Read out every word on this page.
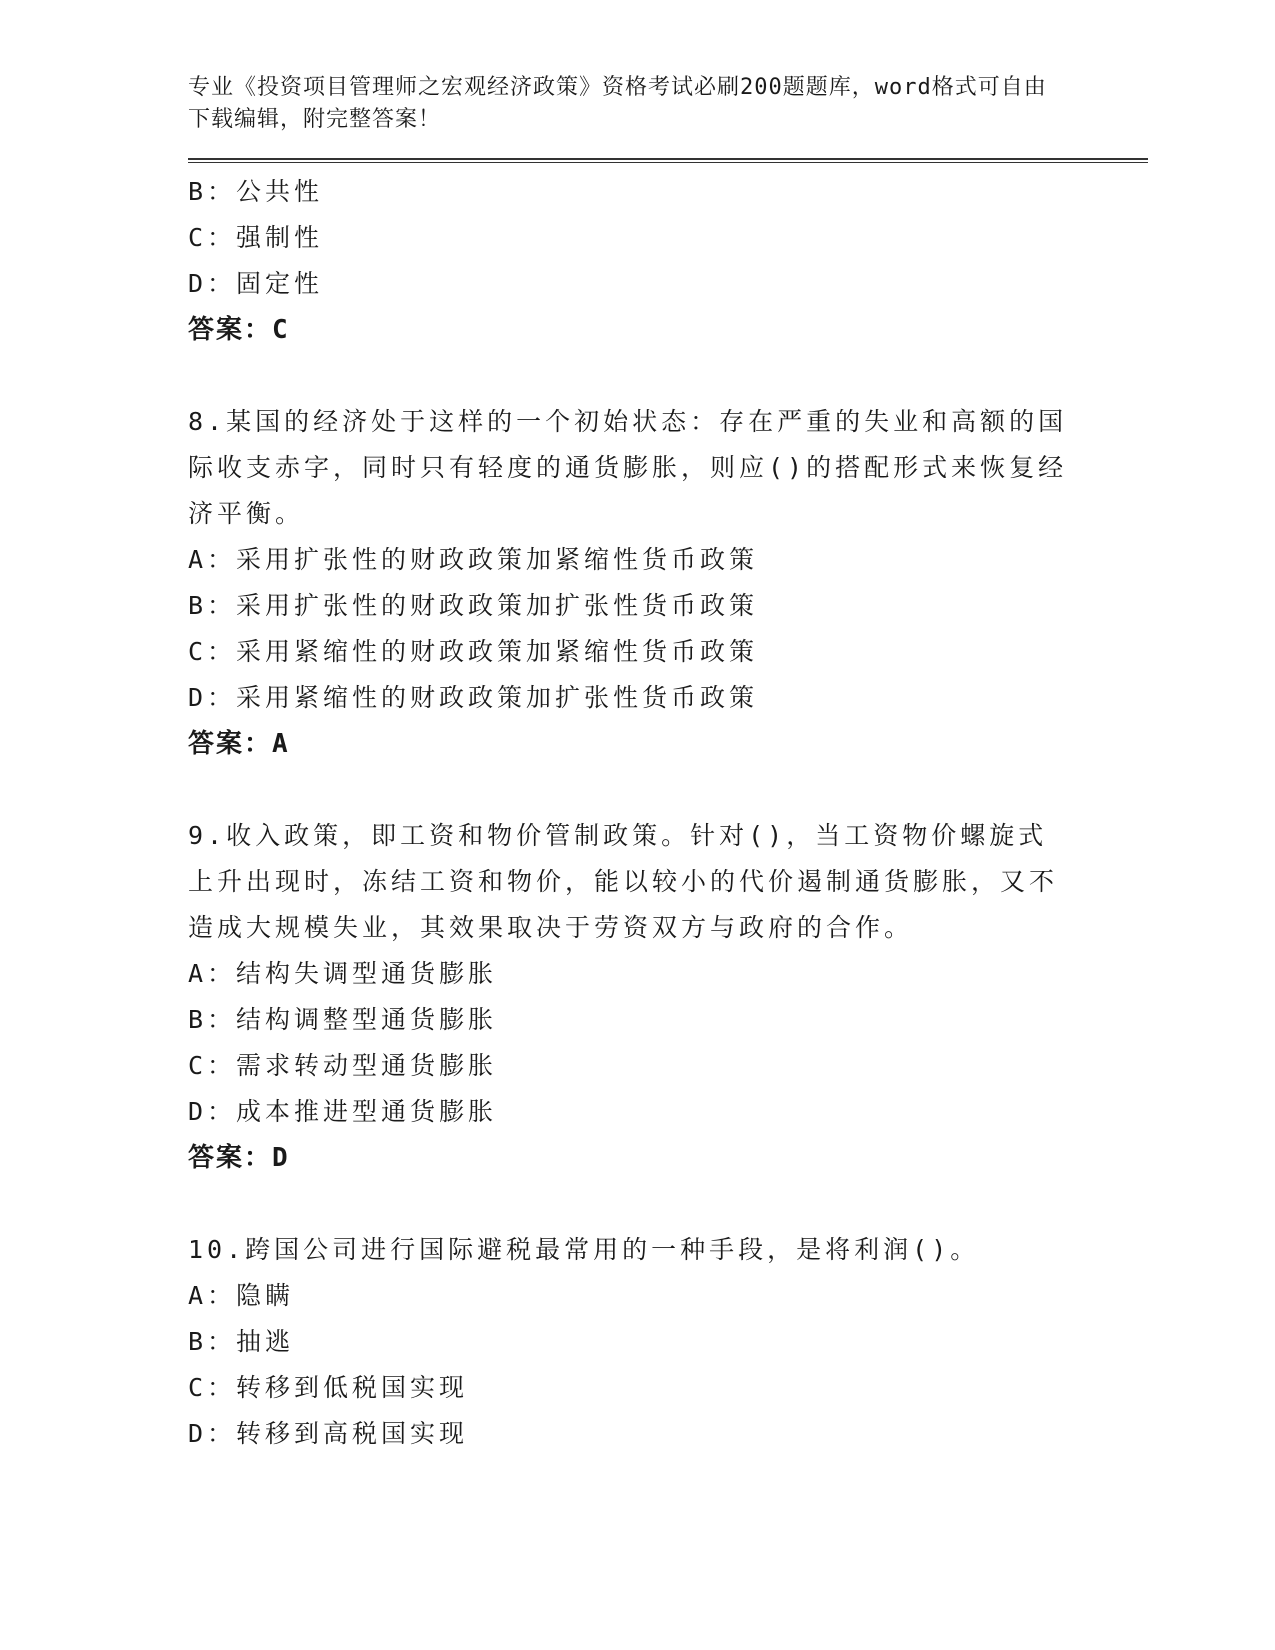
专业《投资项目管理师之宏观经济政策》资格考试必刷200题题库，word格式可自由下载编辑，附完整答案！
B：公共性
C：强制性
D：固定性
答案：C
8.某国的经济处于这样的一个初始状态：存在严重的失业和高额的国际收支赤字，同时只有轻度的通货膨胀，则应()的搭配形式来恢复经济平衡。
A：采用扩张性的财政政策加紧缩性货币政策
B：采用扩张性的财政政策加扩张性货币政策
C：采用紧缩性的财政政策加紧缩性货币政策
D：采用紧缩性的财政政策加扩张性货币政策
答案：A
9.收入政策，即工资和物价管制政策。针对()，当工资物价螺旋式上升出现时，冻结工资和物价，能以较小的代价遏制通货膨胀，又不造成大规模失业，其效果取决于劳资双方与政府的合作。
A：结构失调型通货膨胀
B：结构调整型通货膨胀
C：需求转动型通货膨胀
D：成本推进型通货膨胀
答案：D
10.跨国公司进行国际避税最常用的一种手段，是将利润()。
A：隐瞒
B：抽逃
C：转移到低税国实现
D：转移到高税国实现
